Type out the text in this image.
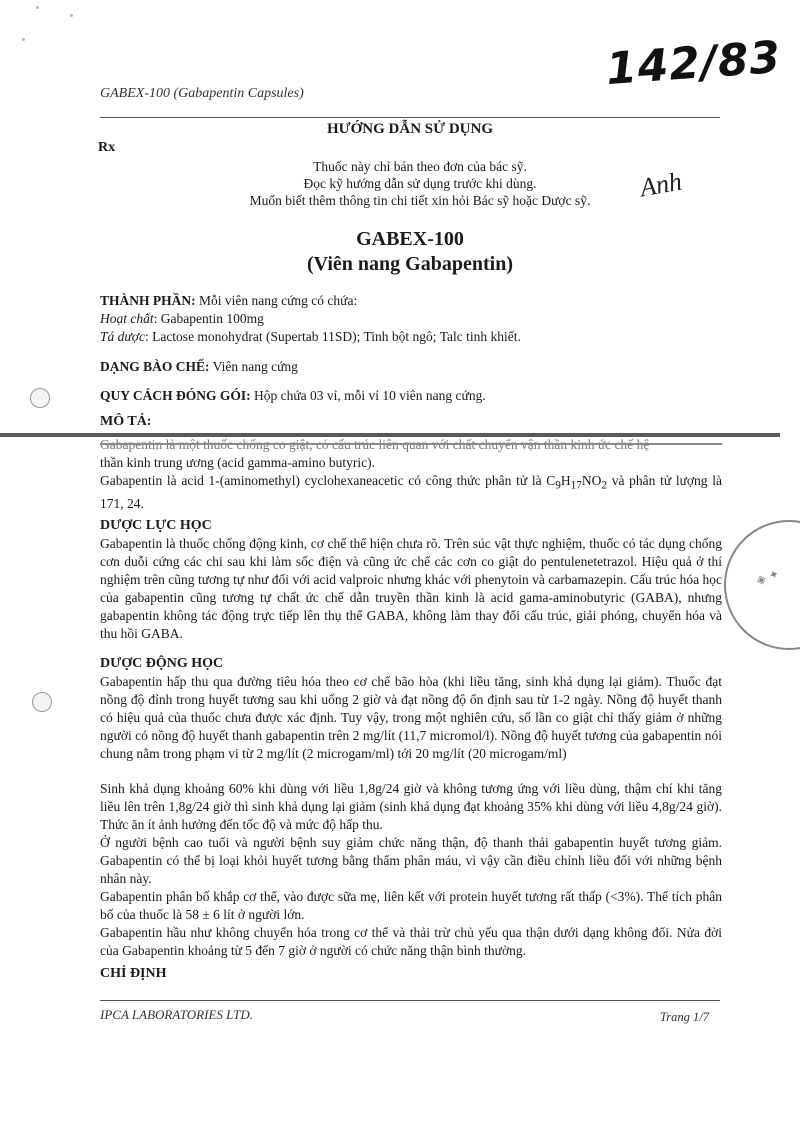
142/83
GABEX-100 (Gabapentin Capsules)
HƯỚNG DẪN SỬ DỤNG
Rx
Thuốc này chỉ bán theo đơn của bác sỹ.
Đọc kỹ hướng dẫn sử dụng trước khi dùng.
Muốn biết thêm thông tin chi tiết xin hỏi Bác sỹ hoặc Dược sỹ.	Anh
GABEX-100
(Viên nang Gabapentin)
THÀNH PHẦN: Mỗi viên nang cứng có chứa:
Hoạt chất: Gabapentin 100mg
Tá dược: Lactose monohydrat (Supertab 11SD); Tinh bột ngô; Talc tinh khiết.
DẠNG BÀO CHẾ: Viên nang cứng
QUY CÁCH ĐÓNG GÓI: Hộp chứa 03 vỉ, mỗi vỉ 10 viên nang cứng.
MÔ TẢ:
thần kinh trung ương (acid gamma-amino butyric).
Gabapentin là acid 1-(aminomethyl) cyclohexaneacetic có công thức phân tử là $C_9H_{17}NO_2$ và phân tử lượng là 171, 24.
◈ ✦
DƯỢC LỰC HỌC
Gabapentin là thuốc chống động kinh, cơ chế thể hiện chưa rõ. Trên súc vật thực nghiệm, thuốc có tác dụng chống cơn duỗi cứng các chi sau khi làm sốc điện và cũng ức chế các cơn co giật do pentulenetetrazol. Hiệu quả ở thí nghiệm trên cũng tương tự như đối với acid valproic nhưng khác với phenytoin và carbamazepin. Cấu trúc hóa học của gabapentin cũng tương tự chất ức chế dẫn truyền thần kinh là acid gama-aminobutyric (GABA), nhưng gabapentin không tác động trực tiếp lên thụ thể GABA, không làm thay đổi cấu trúc, giải phóng, chuyển hóa và thu hồi GABA.
DƯỢC ĐỘNG HỌC
Gabapentin hấp thu qua đường tiêu hóa theo cơ chế bão hòa (khi liều tăng, sinh khả dụng lại giảm). Thuốc đạt nồng độ đỉnh trong huyết tương sau khi uống 2 giờ và đạt nồng độ ổn định sau từ 1-2 ngày. Nồng độ huyết thanh có hiệu quả của thuốc chưa được xác định. Tuy vậy, trong một nghiên cứu, số lần co giật chỉ thấy giảm ở những người có nồng độ huyết thanh gabapentin trên 2 mg/lít (11,7 micromol/l). Nồng độ huyết tương của gabapentin nói chung nằm trong phạm vi từ 2 mg/lít (2 microgam/ml) tới 20 mg/lít (20 microgam/ml)
Sinh khả dụng khoảng 60% khi dùng với liều 1,8g/24 giờ và không tương ứng với liều dùng, thậm chí khi tăng liều lên trên 1,8g/24 giờ thì sinh khả dụng lại giảm (sinh khả dụng đạt khoảng 35% khi dùng với liều 4,8g/24 giờ). Thức ăn ít ảnh hưởng đến tốc độ và mức độ hấp thu.
Ở người bệnh cao tuổi và người bệnh suy giảm chức năng thận, độ thanh thải gabapentin huyết tương giảm. Gabapentin có thể bị loại khỏi huyết tương bằng thẩm phân máu, vì vậy cần điều chỉnh liều đối với những bệnh nhân này.
Gabapentin phân bố khắp cơ thể, vào được sữa mẹ, liên kết với protein huyết tương rất thấp (<3%). Thể tích phân bố của thuốc là 58 ± 6 lít ở người lớn.
Gabapentin hầu như không chuyển hóa trong cơ thể và thải trừ chủ yếu qua thận dưới dạng không đổi. Nửa đời của Gabapentin khoảng từ 5 đến 7 giờ ở người có chức năng thận bình thường.
CHỈ ĐỊNH
IPCA LABORATORIES LTD.	Trang 1/7
